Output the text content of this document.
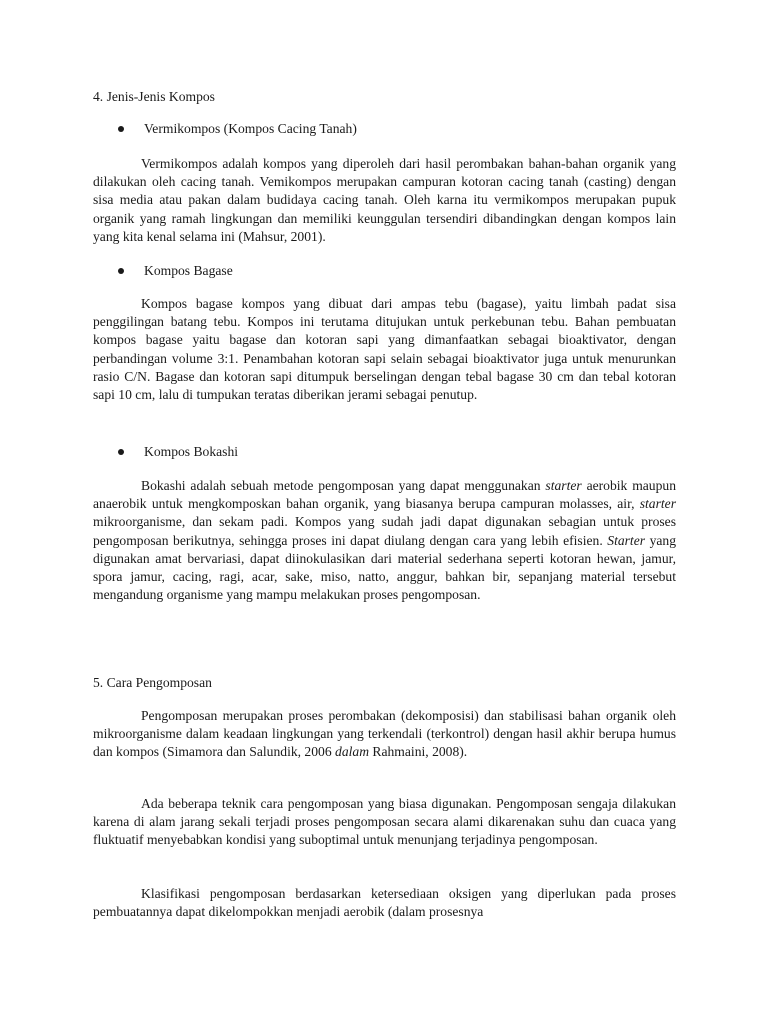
4. Jenis-Jenis Kompos

Vermikompos (Kompos Cacing Tanah)

Vermikompos adalah kompos yang diperoleh dari hasil perombakan bahan-bahan organik yang dilakukan oleh cacing tanah. Vemikompos merupakan campuran kotoran cacing tanah (casting) dengan sisa media atau pakan dalam budidaya cacing tanah. Oleh karna itu vermikompos merupakan pupuk organik yang ramah lingkungan dan memiliki keunggulan tersendiri dibandingkan dengan kompos lain yang kita kenal selama ini (Mahsur, 2001).

Kompos Bagase

Kompos bagase kompos yang dibuat dari ampas tebu (bagase), yaitu limbah padat sisa penggilingan batang tebu. Kompos ini terutama ditujukan untuk perkebunan tebu. Bahan pembuatan kompos bagase yaitu bagase dan kotoran sapi yang dimanfaatkan sebagai bioaktivator, dengan perbandingan volume 3:1. Penambahan kotoran sapi selain sebagai bioaktivator juga untuk menurunkan rasio C/N. Bagase dan kotoran sapi ditumpuk berselingan dengan tebal bagase 30 cm dan tebal kotoran sapi 10 cm, lalu di tumpukan teratas diberikan jerami sebagai penutup.

Kompos Bokashi

Bokashi adalah sebuah metode pengomposan yang dapat menggunakan starter aerobik maupun anaerobik untuk mengkomposkan bahan organik, yang biasanya berupa campuran molasses, air, starter mikroorganisme, dan sekam padi. Kompos yang sudah jadi dapat digunakan sebagian untuk proses pengomposan berikutnya, sehingga proses ini dapat diulang dengan cara yang lebih efisien. Starter yang digunakan amat bervariasi, dapat diinokulasikan dari material sederhana seperti kotoran hewan, jamur, spora jamur, cacing, ragi, acar, sake, miso, natto, anggur, bahkan bir, sepanjang material tersebut mengandung organisme yang mampu melakukan proses pengomposan.

5. Cara Pengomposan

Pengomposan merupakan proses perombakan (dekomposisi) dan stabilisasi bahan organik oleh mikroorganisme dalam keadaan lingkungan yang terkendali (terkontrol) dengan hasil akhir berupa humus dan kompos (Simamora dan Salundik, 2006 dalam Rahmaini, 2008).

Ada beberapa teknik cara pengomposan yang biasa digunakan. Pengomposan sengaja dilakukan karena di alam jarang sekali terjadi proses pengomposan secara alami dikarenakan suhu dan cuaca yang fluktuatif menyebabkan kondisi yang suboptimal untuk menunjang terjadinya pengomposan.

Klasifikasi pengomposan berdasarkan ketersediaan oksigen yang diperlukan pada proses pembuatannya dapat dikelompokkan menjadi aerobik (dalam prosesnya
